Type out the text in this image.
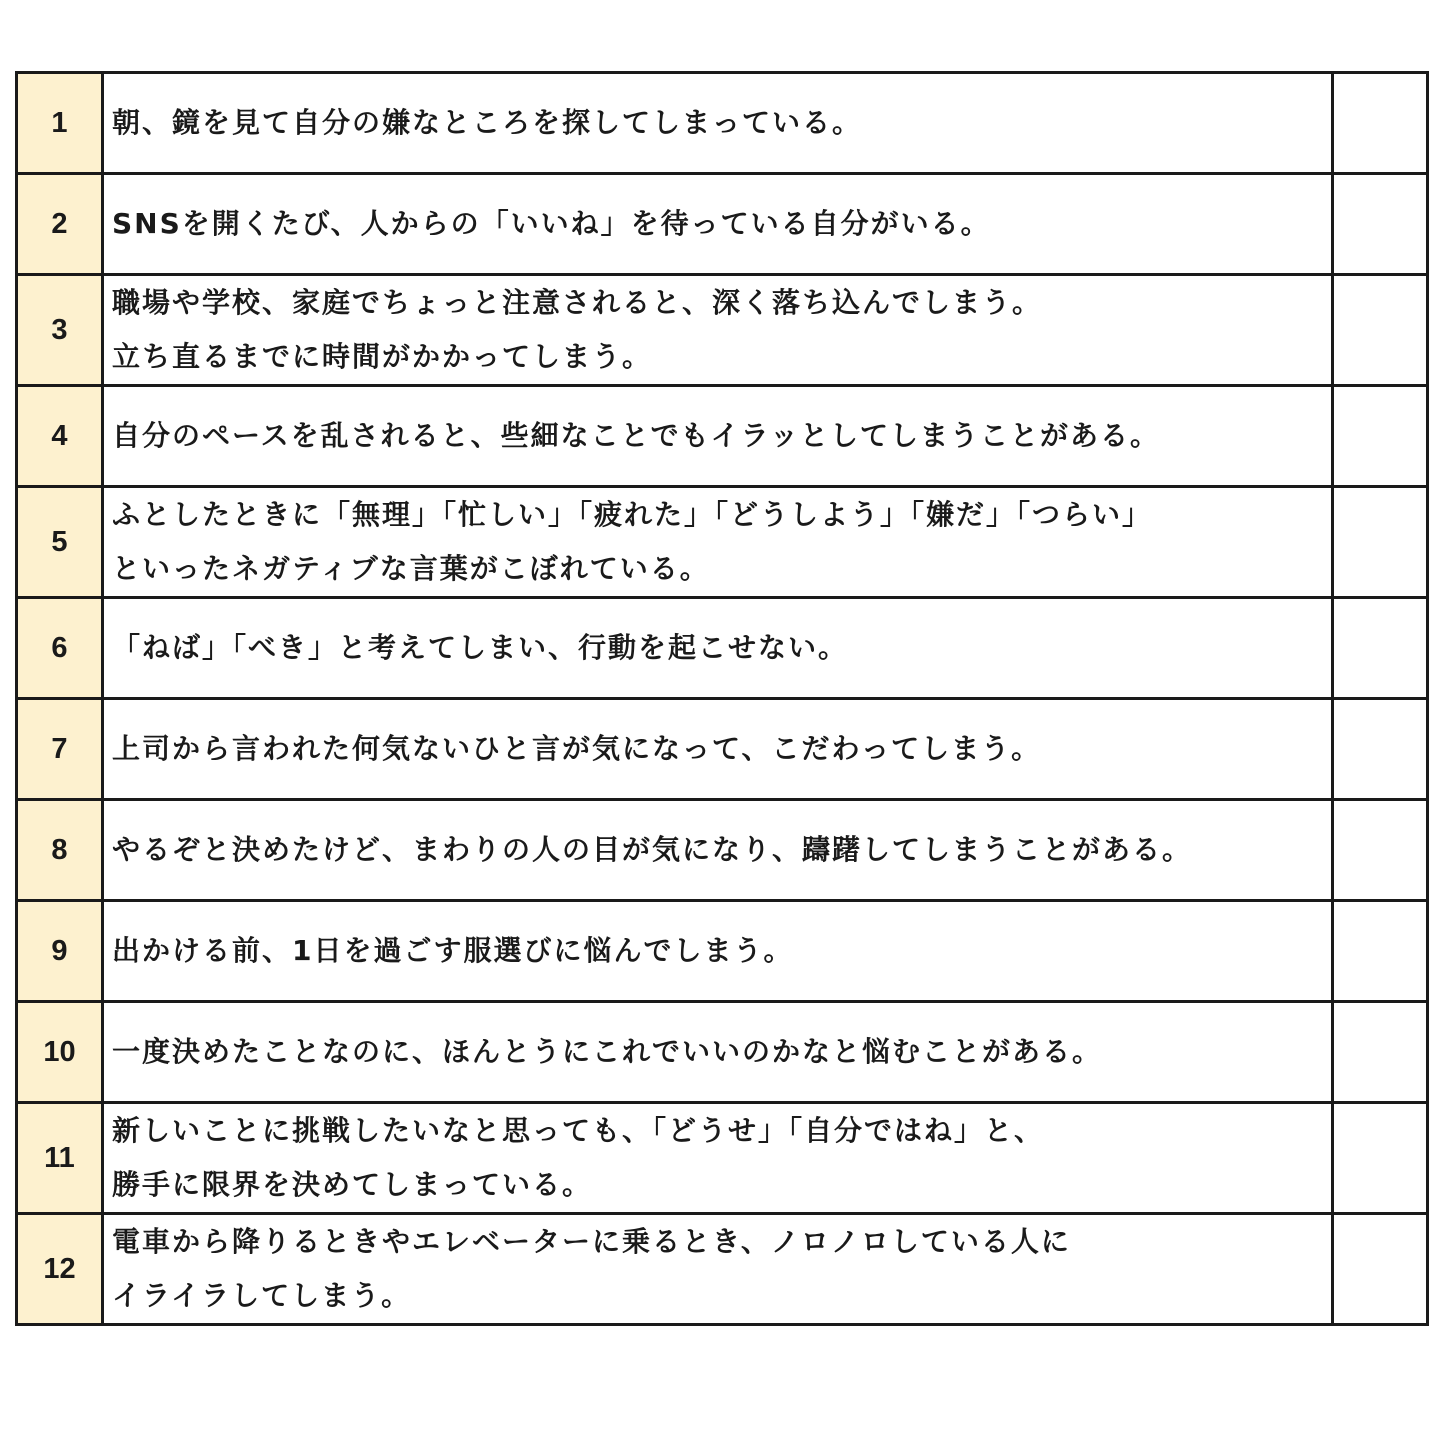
1	朝、鏡を見て自分の嫌なところを探してしまっている。	

2	SNSを開くたび、人からの「いいね」を待っている自分がいる。	

3	職場や学校、家庭でちょっと注意されると、深く落ち込んでしまう。
立ち直るまでに時間がかかってしまう。	

4	自分のペースを乱されると、些細なことでもイラッとしてしまうことがある。	

5	ふとしたときに「無理」「忙しい」「疲れた」「どうしよう」「嫌だ」「つらい」
といったネガティブな言葉がこぼれている。	

6	「ねば」「べき」と考えてしまい、行動を起こせない。	

7	上司から言われた何気ないひと言が気になって、こだわってしまう。	

8	やるぞと決めたけど、まわりの人の目が気になり、躊躇してしまうことがある。	

9	出かける前、1日を過ごす服選びに悩んでしまう。	

10	一度決めたことなのに、ほんとうにこれでいいのかなと悩むことがある。	

11	新しいことに挑戦したいなと思っても、「どうせ」「自分ではね」と、
勝手に限界を決めてしまっている。	

12	電車から降りるときやエレベーターに乗るとき、ノロノロしている人に
イライラしてしまう。	
